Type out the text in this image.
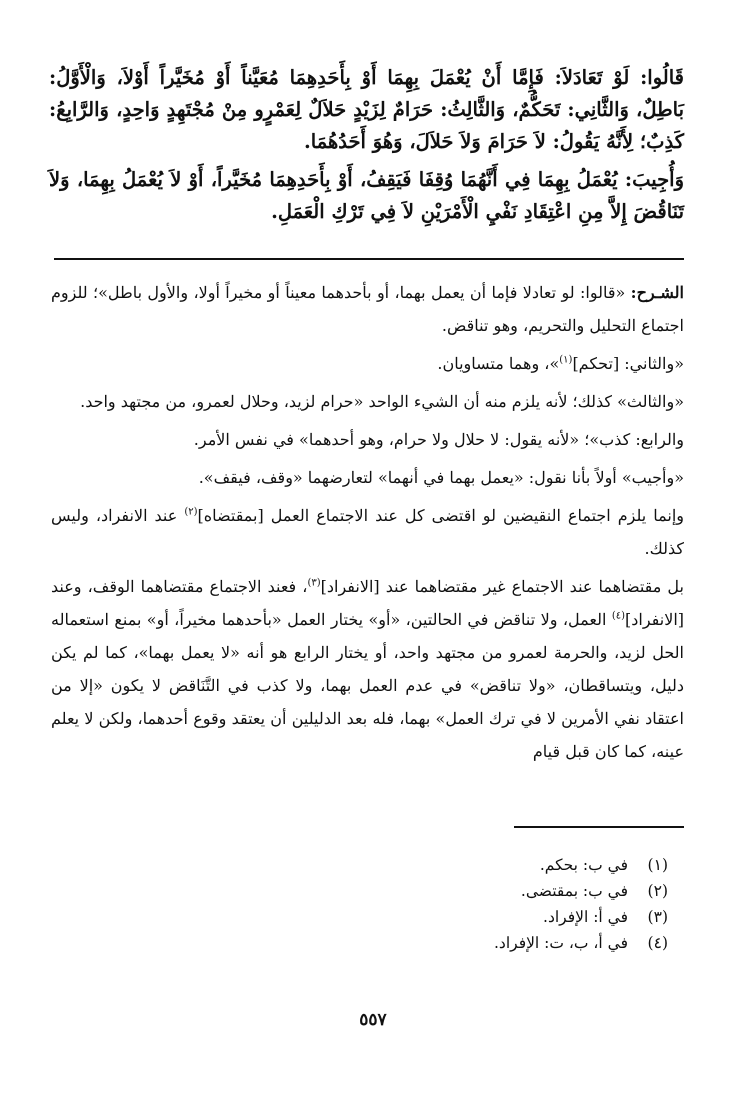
قَالُوا: لَوْ تَعَادَلاَ: فَإِمَّا أَنْ يُعْمَلَ بِهِمَا أَوْ بِأَحَدِهِمَا مُعَيَّناً أَوْ مُخَيَّراً أَوْلاَ، وَالْأَوَّلُ: بَاطِلٌ، وَالثَّانِي: تَحَكُّمٌ، وَالثَّالِثُ: حَرَامٌ لِزَيْدٍ حَلاَلٌ لِعَمْرٍو مِنْ مُجْتَهِدٍ وَاحِدٍ، وَالرَّابِعُ: كَذِبٌ؛ لِأَنَّهُ يَقُولُ: لاَ حَرَامَ وَلاَ حَلاَلَ، وَهُوَ أَحَدُهُمَا.

وَأُجِيبَ: يُعْمَلُ بِهِمَا فِي أَنَّهُمَا وُقِفَا فَيَقِفُ، أَوْ بِأَحَدِهِمَا مُخَيَّراً، أَوْ لاَ يُعْمَلُ بِهِمَا، وَلاَ تَنَاقُضَ إِلاَّ مِنِ اعْتِقَادِ نَفْيِ الْأَمْرَيْنِ لاَ فِي تَرْكِ الْعَمَلِ.

الشـرح: «قالوا: لو تعادلا فإما أن يعمل بهما، أو بأحدهما معيناً أو مخيراً أولا، والأول باطل»؛ للزوم اجتماع التحليل والتحريم، وهو تناقض.

«والثاني: [تحكم]$^{(١)}$»، وهما متساويان.

«والثالث» كذلك؛ لأنه يلزم منه أن الشيء الواحد «حرام لزيد، وحلال لعمرو، من مجتهد واحد.

والرابع: كذب»؛ «لأنه يقول: لا حلال ولا حرام، وهو أحدهما» في نفس الأمر.

«وأجيب» أولاً بأنا نقول: «يعمل بهما في أنهما» لتعارضهما «وقف، فيقف».

وإنما يلزم اجتماع النقيضين لو اقتضى كل عند الاجتماع العمل [بمقتضاه]$^{(٢)}$ عند الانفراد، وليس كذلك.

بل مقتضاهما عند الاجتماع غير مقتضاهما عند [الانفراد]$^{(٣)}$، فعند الاجتماع مقتضاهما الوقف، وعند [الانفراد]$^{(٤)}$ العمل، ولا تناقض في الحالتين، «أو» يختار العمل «بأحدهما مخيراً، أو» بمنع استعماله الحل لزيد، والحرمة لعمرو من مجتهد واحد، أو يختار الرابع هو أنه «لا يعمل بهما»، كما لم يكن دليل، ويتساقطان، «ولا تناقض» في عدم العمل بهما، ولا كذب في التَّنَاقض لا يكون «إلا من اعتقاد نفي الأمرين لا في ترك العمل» بهما، فله بعد الدليلين أن يعتقد وقوع أحدهما، ولكن لا يعلم عينه، كما كان قبل قيام

(١)
في ب: بحكم.
(٢)
في ب: بمقتضى.
(٣)
في أ: الإفراد.
(٤)
في أ، ب، ت: الإفراد.
٥٥٧
